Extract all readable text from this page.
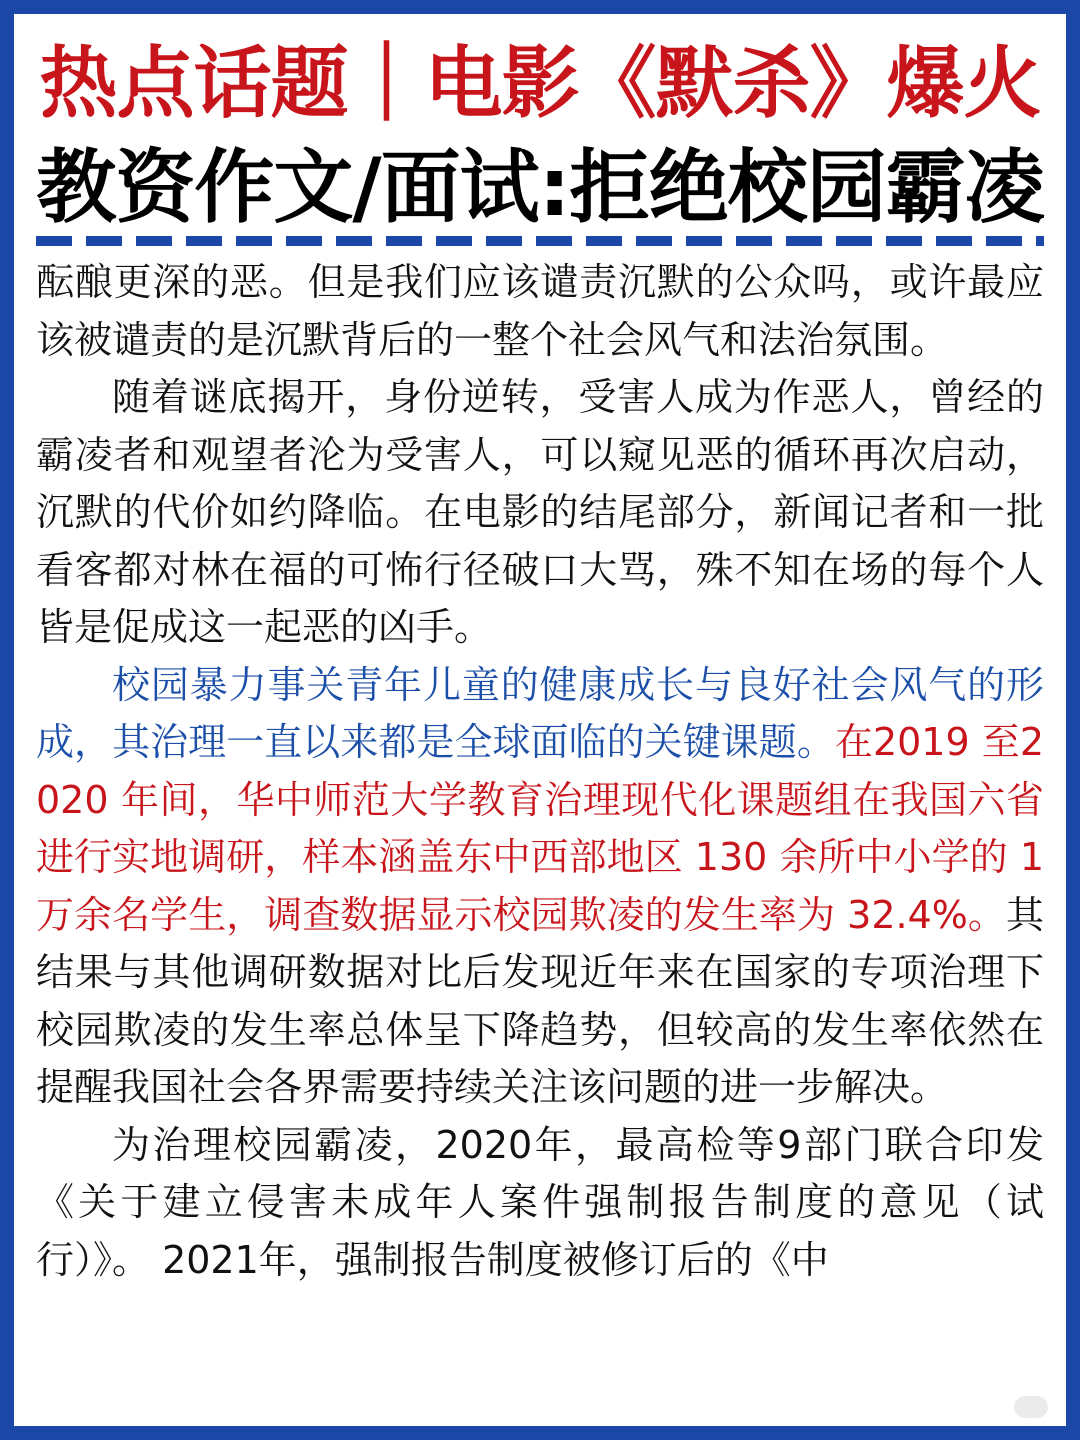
热点话题｜电影《默杀》爆火
教资作文/面试:拒绝校园霸凌

酝酿更深的恶。但是我们应该谴责沉默的公众吗，或许最应该被谴责的是沉默背后的一整个社会风气和法治氛围。

随着谜底揭开，身份逆转，受害人成为作恶人，曾经的霸凌者和观望者沦为受害人，可以窥见恶的循环再次启动，沉默的代价如约降临。在电影的结尾部分，新闻记者和一批看客都对林在福的可怖行径破口大骂，殊不知在场的每个人皆是促成这一起恶的凶手。

校园暴力事关青年儿童的健康成长与良好社会风气的形成，其治理一直以来都是全球面临的关键课题。在2019 至2020 年间，华中师范大学教育治理现代化课题组在我国六省进行实地调研，样本涵盖东中西部地区 130 余所中小学的 1 万余名学生，调查数据显示校园欺凌的发生率为 32.4%。其结果与其他调研数据对比后发现近年来在国家的专项治理下校园欺凌的发生率总体呈下降趋势，但较高的发生率依然在提醒我国社会各界需要持续关注该问题的进一步解决。

为治理校园霸凌，2020年，最高检等9部门联合印发《关于建立侵害未成年人案件强制报告制度的意见（试行）》。 2021年，强制报告制度被修订后的《中
